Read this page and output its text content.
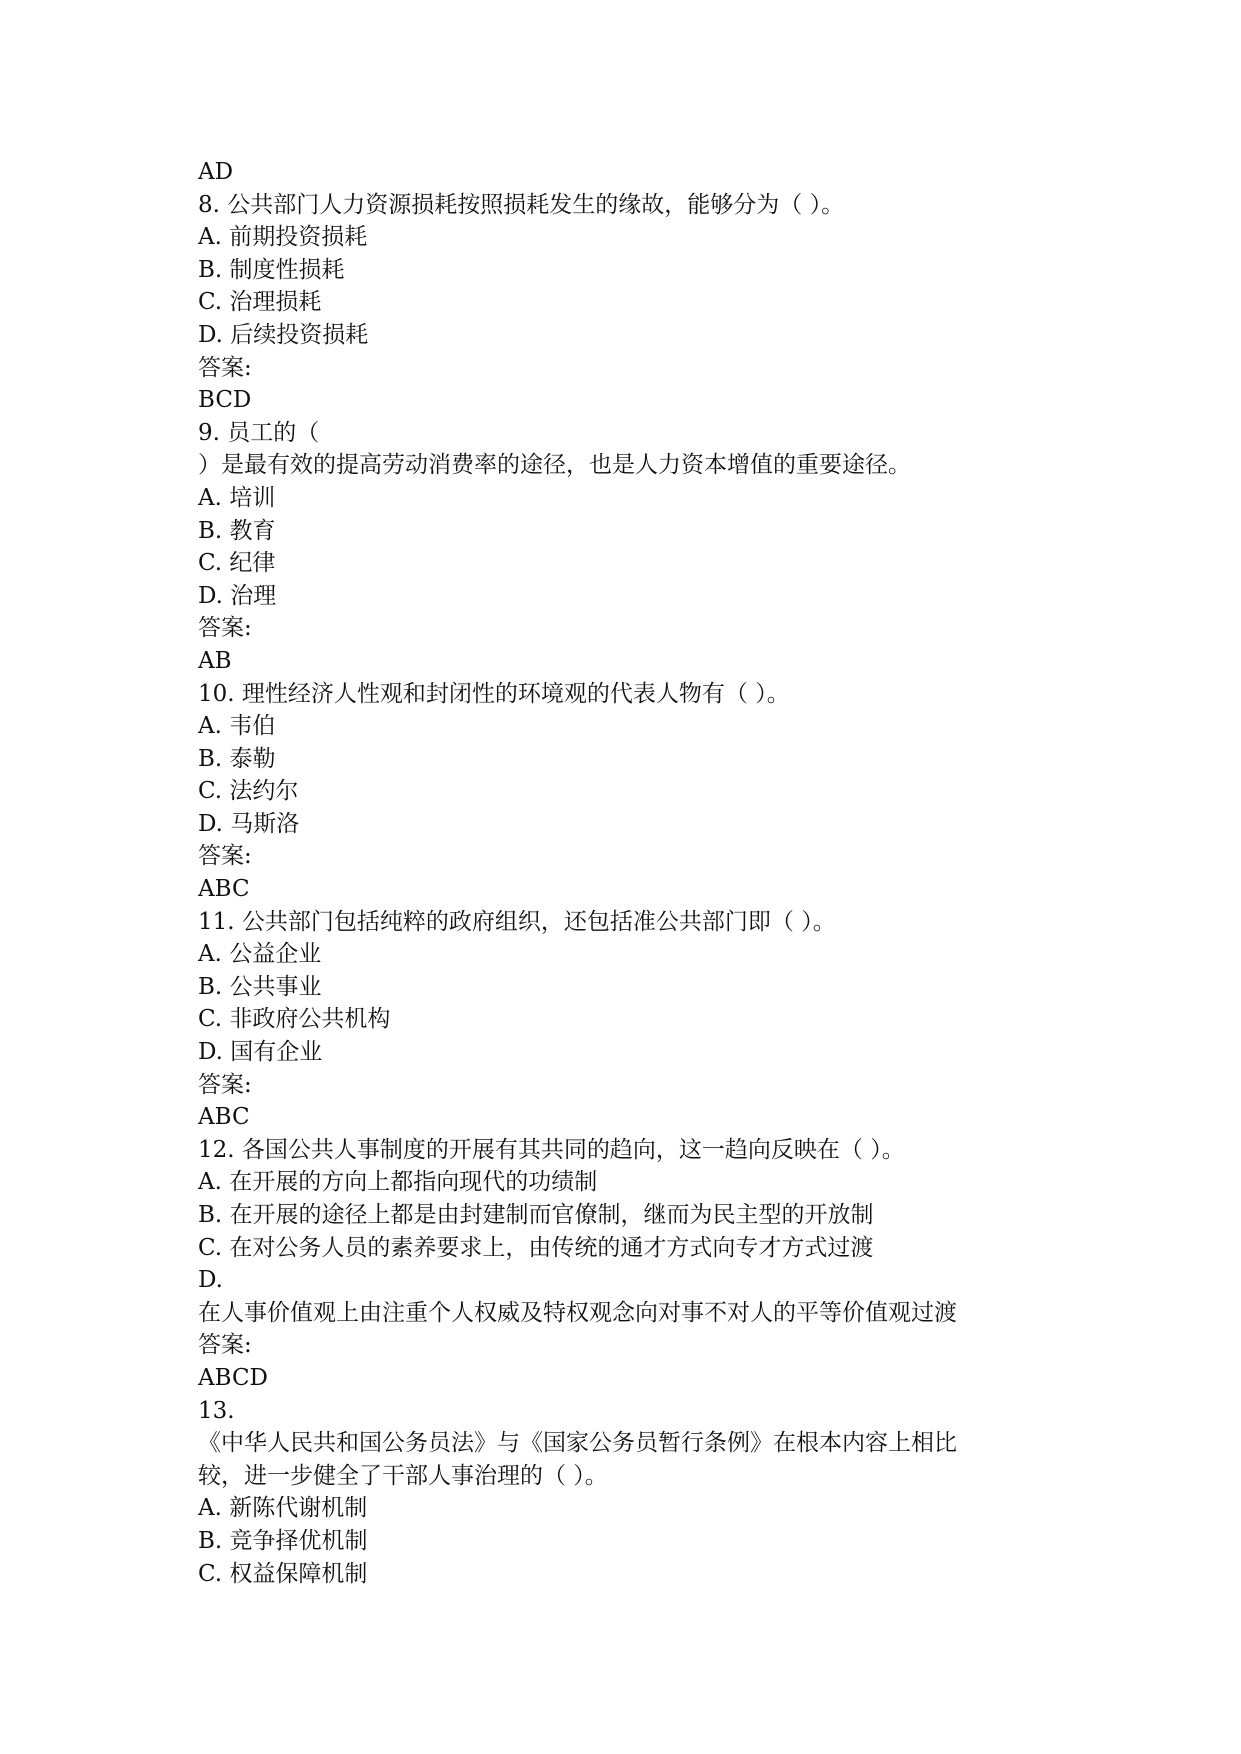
AD
8. 公共部门人力资源损耗按照损耗发生的缘故，能够分为（ ）。
A. 前期投资损耗
B. 制度性损耗
C. 治理损耗
D. 后续投资损耗
答案:
BCD
9. 员工的（
）是最有效的提高劳动消费率的途径，也是人力资本增值的重要途径。
A. 培训
B. 教育
C. 纪律
D. 治理
答案:
AB
10. 理性经济人性观和封闭性的环境观的代表人物有（ ）。
A. 韦伯
B. 泰勒
C. 法约尔
D. 马斯洛
答案:
ABC
11. 公共部门包括纯粹的政府组织，还包括准公共部门即（ ）。
A. 公益企业
B. 公共事业
C. 非政府公共机构
D. 国有企业
答案:
ABC
12. 各国公共人事制度的开展有其共同的趋向，这一趋向反映在（ ）。
A. 在开展的方向上都指向现代的功绩制
B. 在开展的途径上都是由封建制而官僚制，继而为民主型的开放制
C. 在对公务人员的素养要求上，由传统的通才方式向专才方式过渡
D.
在人事价值观上由注重个人权威及特权观念向对事不对人的平等价值观过渡
答案:
ABCD
13.
《中华人民共和国公务员法》与《国家公务员暂行条例》在根本内容上相比
较，进一步健全了干部人事治理的（ ）。
A. 新陈代谢机制
B. 竞争择优机制
C. 权益保障机制
